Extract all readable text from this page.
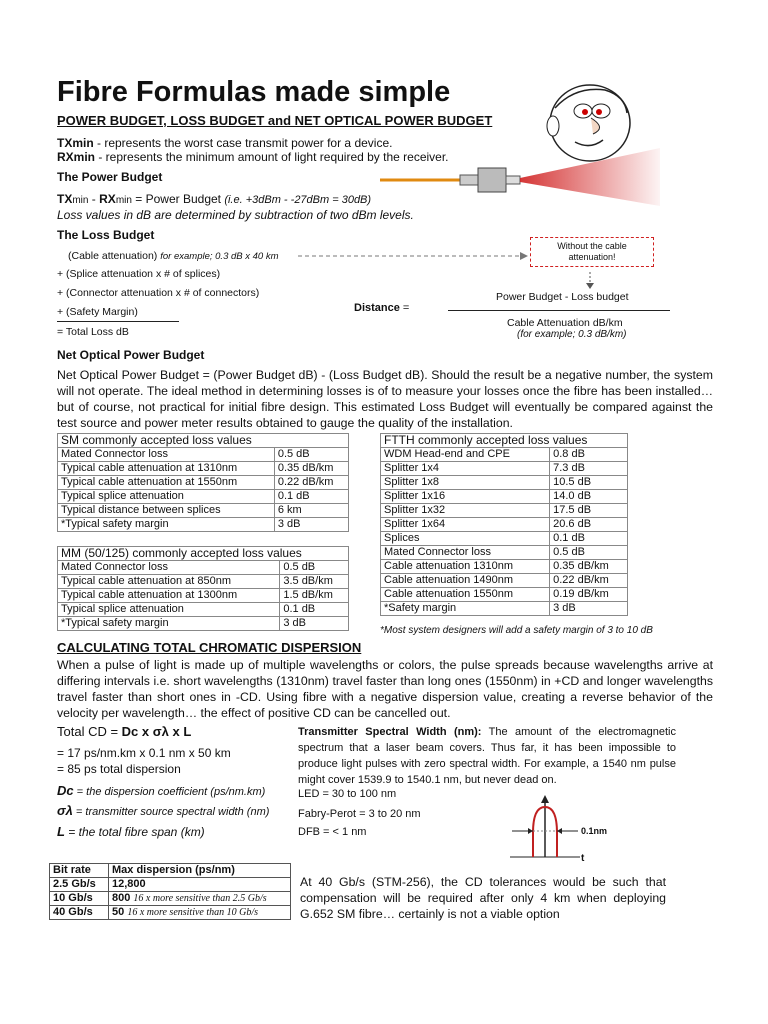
Fibre Formulas made simple
POWER BUDGET, LOSS BUDGET and NET OPTICAL POWER BUDGET
TXmin - represents the worst case transmit power for a device.
RXmin - represents the minimum amount of light required by the receiver.
The Power Budget
TXmin - RXmin = Power Budget (i.e. +3dBm - -27dBm = 30dB)
Loss values in dB are determined by subtraction of two dBm levels.
The Loss Budget
(Cable attenuation) for example; 0.3 dB x 40 km
+ (Splice attenuation x # of splices)
+ (Connector attenuation x # of connectors)
+ (Safety Margin)
= Total Loss dB
Without the cable attenuation!
Power Budget - Loss budget
Distance =
Cable Attenuation dB/km
(for example; 0.3 dB/km)
Net Optical Power Budget
Net Optical Power Budget = (Power Budget dB) - (Loss Budget dB). Should the result be a negative number, the system will not operate. The ideal method in determining losses is of to measure your losses once the fibre has been installed…but of course, not practical for initial fibre design. This estimated Loss Budget will eventually be compared against the test source and power meter results obtained to gauge the quality of the installation.
SM commonly accepted loss values	
Mated Connector loss	0.5 dB
Typical cable attenuation at 1310nm	0.35 dB/km
Typical cable attenuation at 1550nm	0.22 dB/km
Typical splice attenuation	0.1 dB
Typical distance between splices	6 km
*Typical safety margin	3 dB
MM (50/125) commonly accepted loss values	
Mated Connector loss	0.5 dB
Typical cable attenuation at 850nm	3.5 dB/km
Typical cable attenuation at 1300nm	1.5 dB/km
Typical splice attenuation	0.1 dB
*Typical safety margin	3 dB
FTTH commonly accepted loss values	
WDM Head-end and CPE	0.8 dB
Splitter 1x4	7.3 dB
Splitter 1x8	10.5 dB
Splitter 1x16	14.0 dB
Splitter 1x32	17.5 dB
Splitter 1x64	20.6 dB
Splices	0.1 dB
Mated Connector loss	0.5 dB
Cable attenuation 1310nm	0.35 dB/km
Cable attenuation 1490nm	0.22 dB/km
Cable attenuation 1550nm	0.19 dB/km
*Safety margin	3 dB
*Most system designers will add a safety margin of 3 to 10 dB
CALCULATING TOTAL CHROMATIC DISPERSION
When a pulse of light is made up of multiple wavelengths or colors, the pulse spreads because wavelengths arrive at differing intervals i.e. short wavelengths (1310nm) travel faster than long ones (1550nm) in +CD and longer wavelengths travel faster than short ones in -CD. Using fibre with a negative dispersion value, creating a reverse behavior of the velocity per wavelength… the effect of positive CD can be cancelled out.
Total CD = Dc x σλ x L
= 17 ps/nm.km x 0.1 nm x 50 km
= 85 ps total dispersion
Dc = the dispersion coefficient (ps/nm.km)
σλ = transmitter source spectral width (nm)
L = the total fibre span (km)
Transmitter Spectral Width (nm): The amount of the electromagnetic spectrum that a laser beam covers. Thus far, it has been impossible to produce light pulses with zero spectral width. For example, a 1540 nm pulse might cover 1539.9 to 1540.1 nm, but never dead on.
LED = 30 to 100 nm
Fabry-Perot = 3 to 20 nm
DFB = < 1 nm	0.1nm
t
Bit rate	Max dispersion (ps/nm)
2.5 Gb/s	12,800
10 Gb/s	800 16 x more sensitive than 2.5 Gb/s
40 Gb/s	50 16 x more sensitive than 10 Gb/s
At 40 Gb/s (STM-256), the CD tolerances would be such that compensation will be required after only 4 km when deploying G.652 SM fibre… certainly is not a viable option
